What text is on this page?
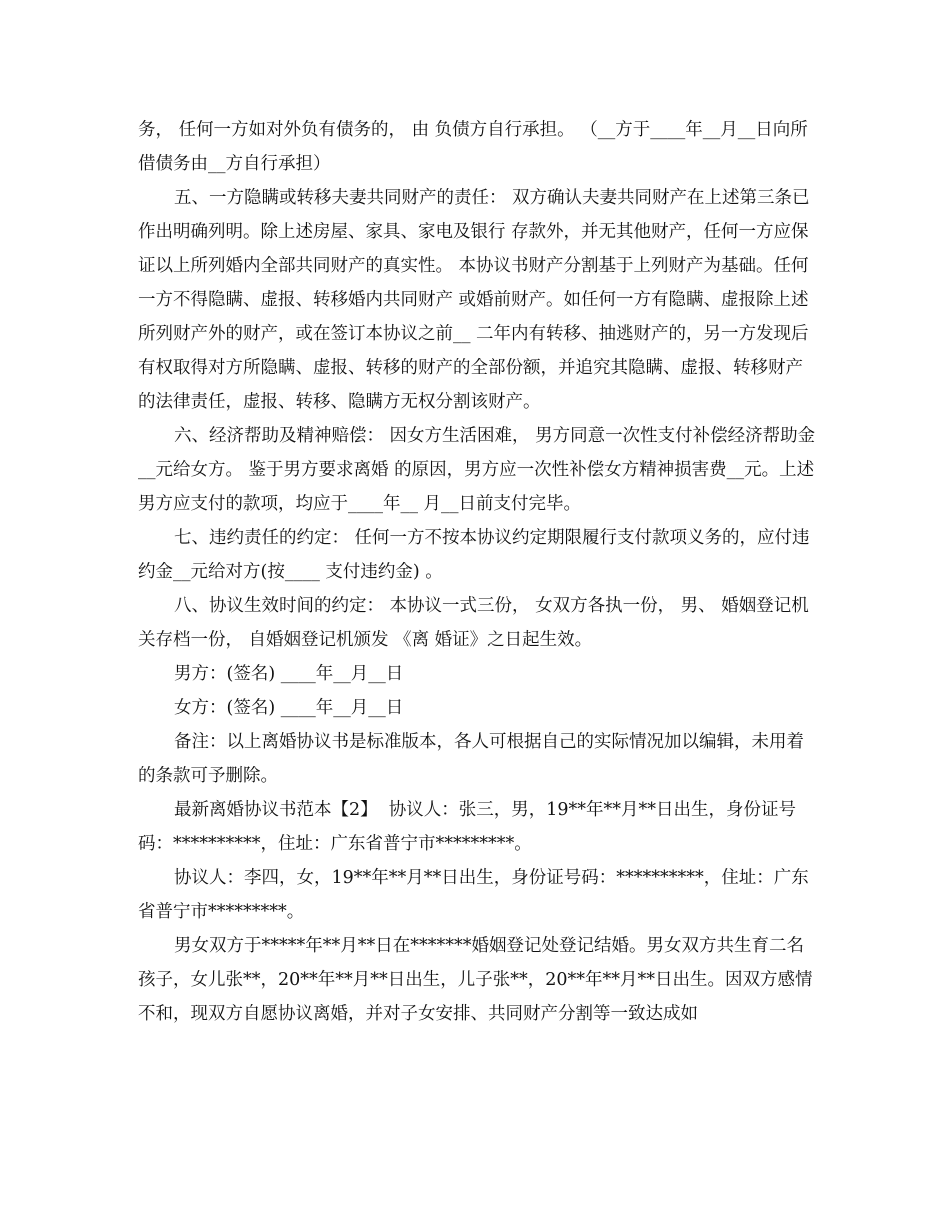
务， 任何一方如对外负有债务的， 由 负债方自行承担。 （__方于____年__月__日向所借债务由__方自行承担）

五、一方隐瞒或转移夫妻共同财产的责任： 双方确认夫妻共同财产在上述第三条已作出明确列明。除上述房屋、家具、家电及银行 存款外，并无其他财产，任何一方应保证以上所列婚内全部共同财产的真实性。 本协议书财产分割基于上列财产为基础。任何一方不得隐瞒、虚报、转移婚内共同财产 或婚前财产。如任何一方有隐瞒、虚报除上述所列财产外的财产，或在签订本协议之前__ 二年内有转移、抽逃财产的，另一方发现后有权取得对方所隐瞒、虚报、转移的财产的全部份额，并追究其隐瞒、虚报、转移财产的法律责任，虚报、转移、隐瞒方无权分割该财产。

六、经济帮助及精神赔偿： 因女方生活困难， 男方同意一次性支付补偿经济帮助金__元给女方。 鉴于男方要求离婚 的原因，男方应一次性补偿女方精神损害费__元。上述男方应支付的款项，均应于____年__ 月__日前支付完毕。

七、违约责任的约定： 任何一方不按本协议约定期限履行支付款项义务的，应付违约金__元给对方(按____ 支付违约金) 。

八、协议生效时间的约定： 本协议一式三份， 女双方各执一份， 男、 婚姻登记机关存档一份， 自婚姻登记机颁发 《离 婚证》之日起生效。

男方：(签名) ____年__月__日

女方：(签名) ____年__月__日

备注：以上离婚协议书是标准版本，各人可根据自己的实际情况加以编辑，未用着的条款可予删除。

最新离婚协议书范本【2】  协议人：张三，男，19**年**月**日出生，身份证号码：**********，住址：广东省普宁市*********。

协议人：李四，女，19**年**月**日出生，身份证号码：**********，住址：广东省普宁市*********。

男女双方于*****年**月**日在*******婚姻登记处登记结婚。男女双方共生育二名孩子，女儿张**，20**年**月**日出生，儿子张**，20**年**月**日出生。因双方感情不和，现双方自愿协议离婚，并对子女安排、共同财产分割等一致达成如
